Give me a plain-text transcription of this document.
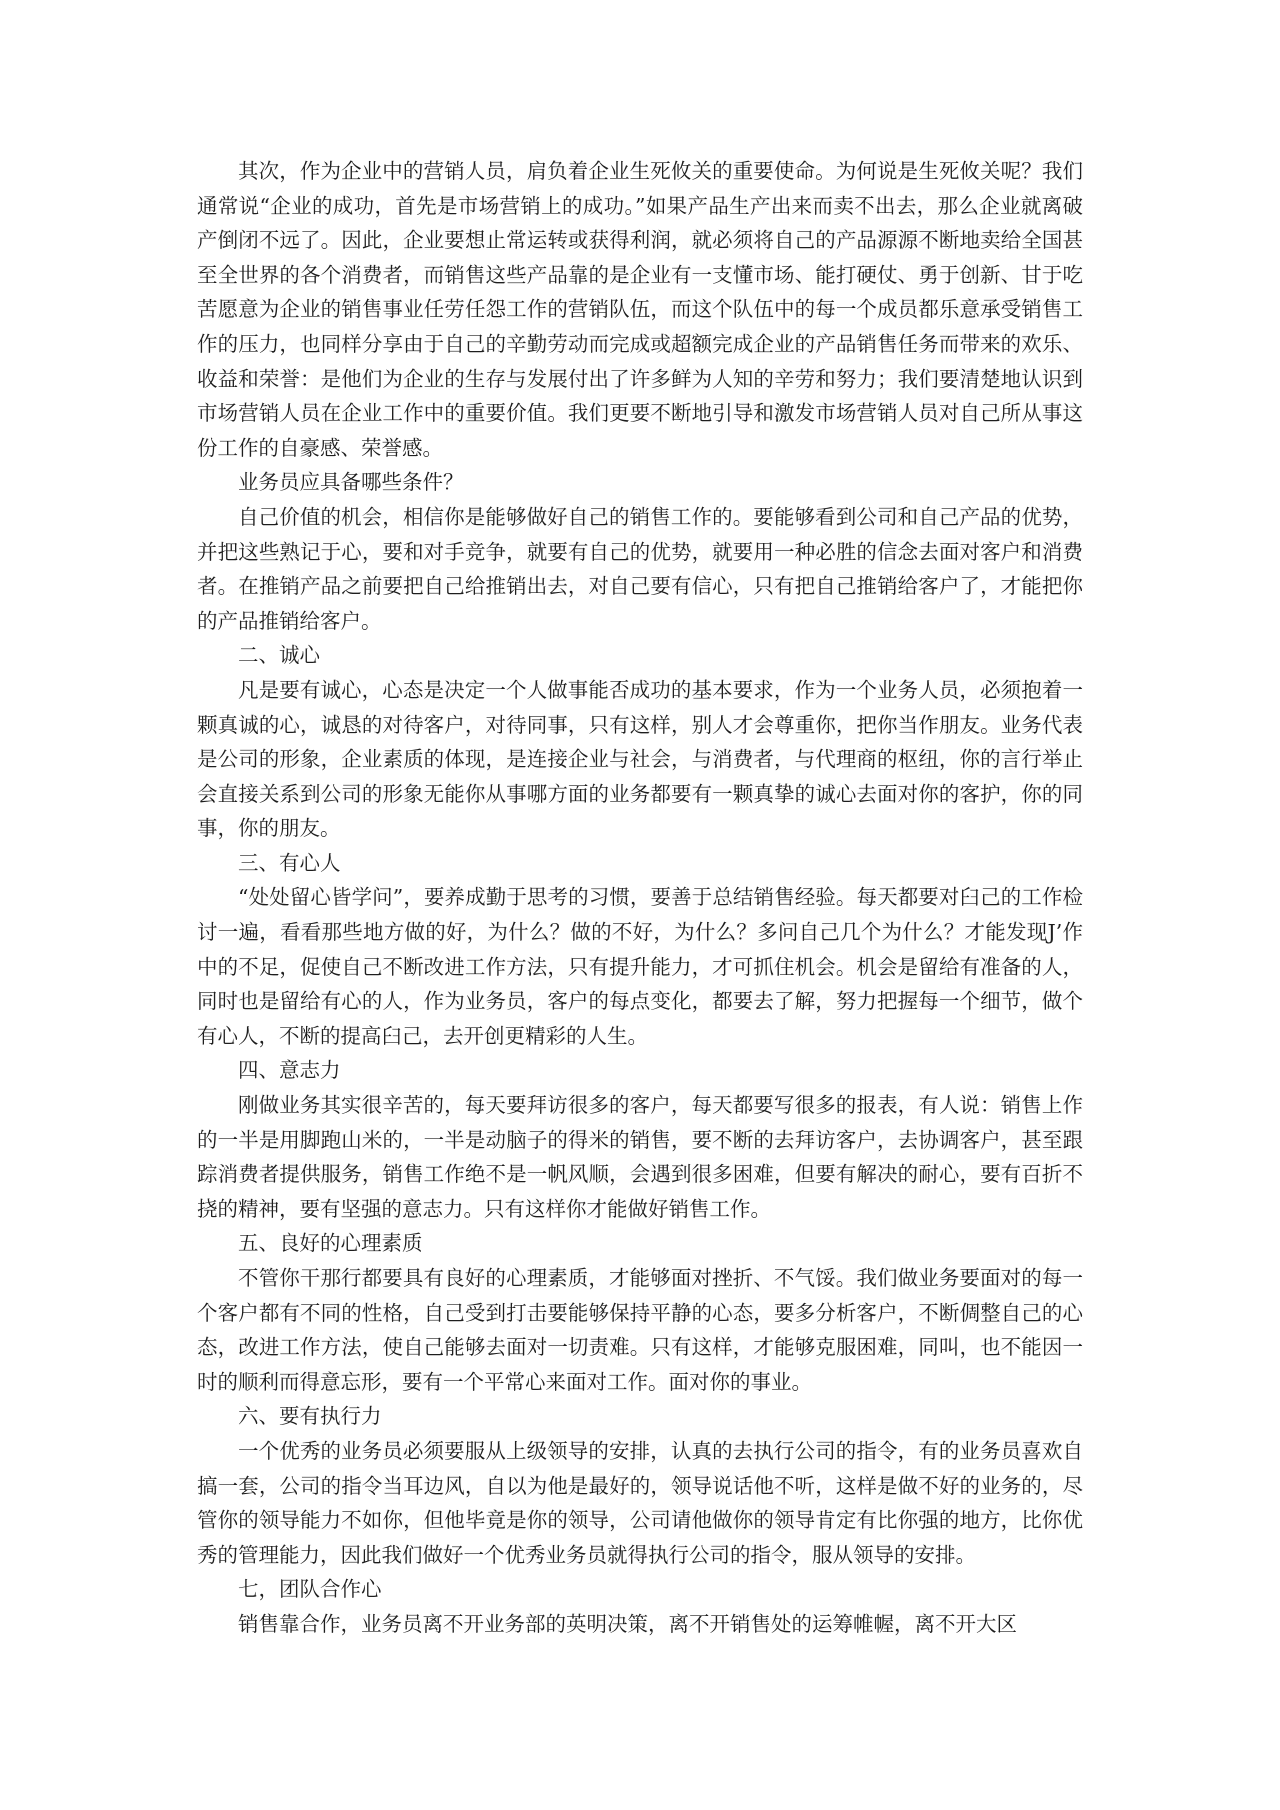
其次，作为企业中的营销人员，肩负着企业生死攸关的重要使命。为何说是生死攸关呢？我们通常说“企业的成功，首先是市场营销上的成功。”如果产品生产出来而卖不出去，那么企业就离破产倒闭不远了。因此，企业要想止常运转或获得利润，就必须将自己的产品源源不断地卖给全国甚至全世界的各个消费者，而销售这些产品靠的是企业有一支懂市场、能打硬仗、勇于创新、甘于吃苦愿意为企业的销售事业任劳任怨工作的营销队伍，而这个队伍中的每一个成员都乐意承受销售工作的压力，也同样分享由于自己的辛勤劳动而完成或超额完成企业的产品销售任务而带来的欢乐、收益和荣誉：是他们为企业的生存与发展付出了许多鲜为人知的辛劳和努力；我们要清楚地认识到市场营销人员在企业工作中的重要价值。我们更要不断地引导和激发市场营销人员对自己所从事这份工作的自豪感、荣誉感。

业务员应具备哪些条件？

自己价值的机会，相信你是能够做好自己的销售工作的。要能够看到公司和自己产品的优势，并把这些熟记于心，要和对手竞争，就要有自己的优势，就要用一种必胜的信念去面对客户和消费者。在推销产品之前要把自己给推销出去，对自己要有信心，只有把自己推销给客户了，才能把你的产品推销给客户。

二、诚心

凡是要有诚心，心态是决定一个人做事能否成功的基本要求，作为一个业务人员，必须抱着一颗真诚的心，诚恳的对待客户，对待同事，只有这样，别人才会尊重你，把你当作朋友。业务代表是公司的形象，企业素质的体现，是连接企业与社会，与消费者，与代理商的枢纽，你的言行举止会直接关系到公司的形象无能你从事哪方面的业务都要有一颗真挚的诚心去面对你的客护，你的同事，你的朋友。

三、有心人

“处处留心皆学问”，要养成勤于思考的习惯，要善于总结销售经验。每天都要对臼己的工作检讨一遍，看看那些地方做的好，为什么？做的不好，为什么？多问自己几个为什么？才能发现J’作中的不足，促使自己不断改进工作方法，只有提升能力，才可抓住机会。机会是留给有准备的人，同时也是留给有心的人，作为业务员，客户的每点变化，都要去了解，努力把握每一个细节，做个有心人，不断的提高臼己，去开创更精彩的人生。

四、意志力

刚做业务其实很辛苦的，每天要拜访很多的客户，每天都要写很多的报表，有人说：销售上作的一半是用脚跑山米的，一半是动脑子的得米的销售，要不断的去拜访客户，去协调客户，甚至跟踪消费者提供服务，销售工作绝不是一帆风顺，会遇到很多困难，但要有解决的耐心，要有百折不挠的精神，要有坚强的意志力。只有这样你才能做好销售工作。

五、良好的心理素质

不管你干那行都要具有良好的心理素质，才能够面对挫折、不气馁。我们做业务要面对的每一个客户都有不同的性格，自己受到打击要能够保持平静的心态，要多分析客户，不断倜整自己的心态，改进工作方法，使自己能够去面对一切责难。只有这样，才能够克服困难，同叫，也不能因一时的顺利而得意忘形，要有一个平常心来面对工作。面对你的事业。

六、要有执行力

一个优秀的业务员必须要服从上级领导的安排，认真的去执行公司的指令，有的业务员喜欢自搞一套，公司的指令当耳边风，自以为他是最好的，领导说话他不听，这样是做不好的业务的，尽管你的领导能力不如你，但他毕竟是你的领导，公司请他做你的领导肯定有比你强的地方，比你优秀的管理能力，因此我们做好一个优秀业务员就得执行公司的指令，服从领导的安排。

七，团队合作心

销售靠合作，业务员离不开业务部的英明决策，离不开销售处的运筹帷幄，离不开大区
